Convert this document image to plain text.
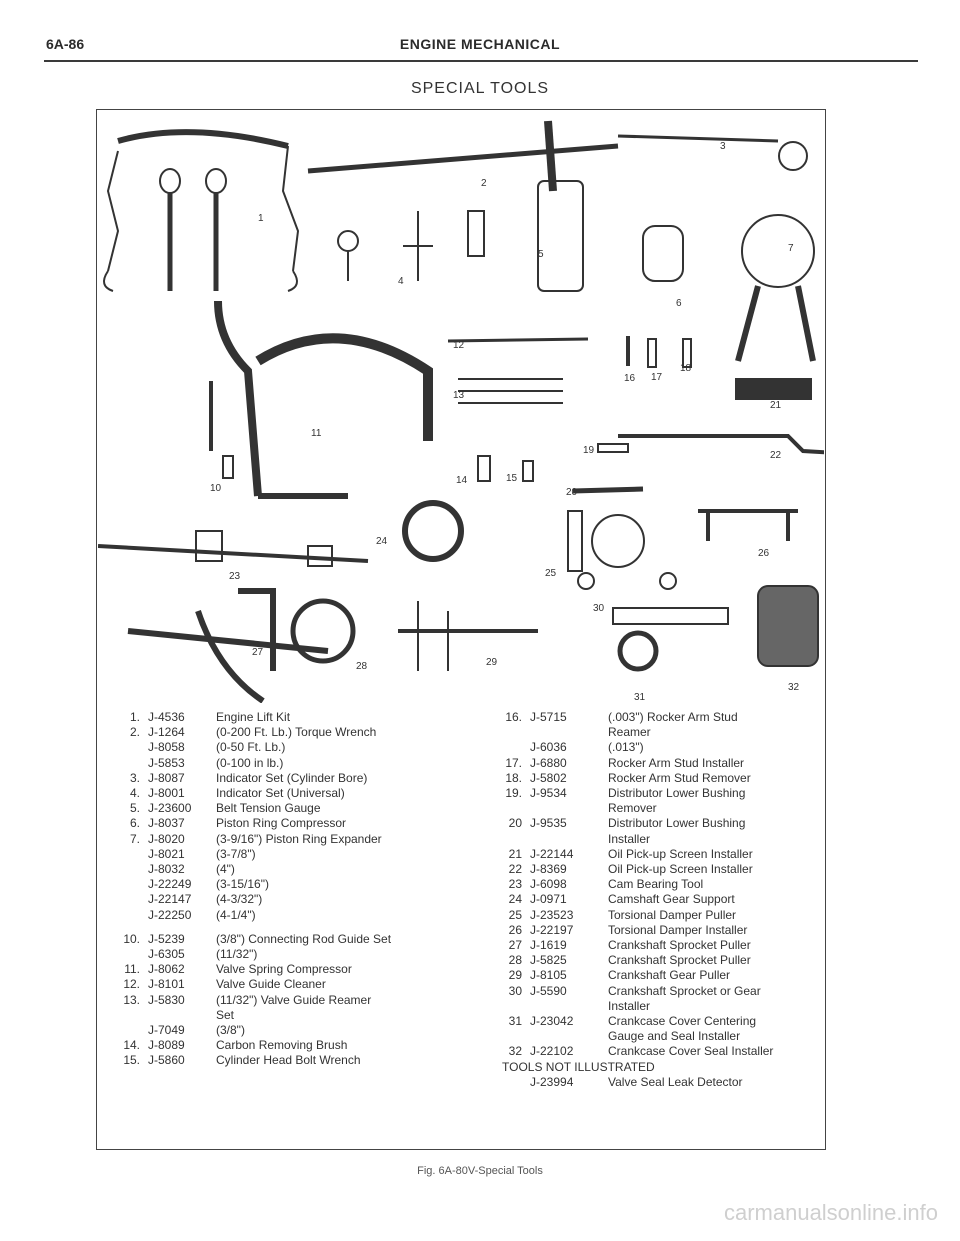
6A-86	ENGINE MECHANICAL
SPECIAL TOOLS
1
2
3
4
5
6
7
10
11
12
13
14	15
16 17
18
19
20
21
22
23
24
25
26
27
28	29
30
31
32
1. J-4536	Engine Lift Kit
2. J-1264	(0-200 Ft. Lb.) Torque Wrench
J-8058	(0-50 Ft. Lb.)
J-5853	(0-100 in lb.)
3. J-8087	Indicator Set (Cylinder Bore)
4. J-8001	Indicator Set (Universal)
5. J-23600	Belt Tension Gauge
6. J-8037	Piston Ring Compressor
7. J-8020	(3-9/16") Piston Ring Expander
J-8021	(3-7/8")
J-8032	(4")
J-22249	(3-15/16")
J-22147	(4-3/32")
J-22250	(4-1/4")
10. J-5239	(3/8") Connecting Rod Guide Set
J-6305	(11/32")
11. J-8062	Valve Spring Compressor
12. J-8101	Valve Guide Cleaner
13. J-5830	(11/32") Valve Guide Reamer
Set
J-7049	(3/8")
14. J-8089	Carbon Removing Brush
15. J-5860	Cylinder Head Bolt Wrench
16. J-5715	(.003") Rocker Arm Stud
Reamer
J-6036	(.013")
17. J-6880	Rocker Arm Stud Installer
18. J-5802	Rocker Arm Stud Remover
19. J-9534	Distributor Lower Bushing
Remover
20 J-9535	Distributor Lower Bushing
Installer
21 J-22144	Oil Pick-up Screen Installer
22 J-8369	Oil Pick-up Screen Installer
23 J-6098	Cam Bearing Tool
24 J-0971	Camshaft Gear Support
25 J-23523	Torsional Damper Puller
26 J-22197	Torsional Damper Installer
27 J-1619	Crankshaft Sprocket Puller
28 J-5825	Crankshaft Sprocket Puller
29 J-8105	Crankshaft Gear Puller
30 J-5590	Crankshaft Sprocket or Gear
Installer
31 J-23042	Crankcase Cover Centering
Gauge and Seal Installer
32 J-22102	Crankcase Cover Seal Installer
TOOLS NOT ILLUSTRATED
J-23994	Valve Seal Leak Detector
Fig. 6A-80V-Special Tools
carmanualsonline.info
